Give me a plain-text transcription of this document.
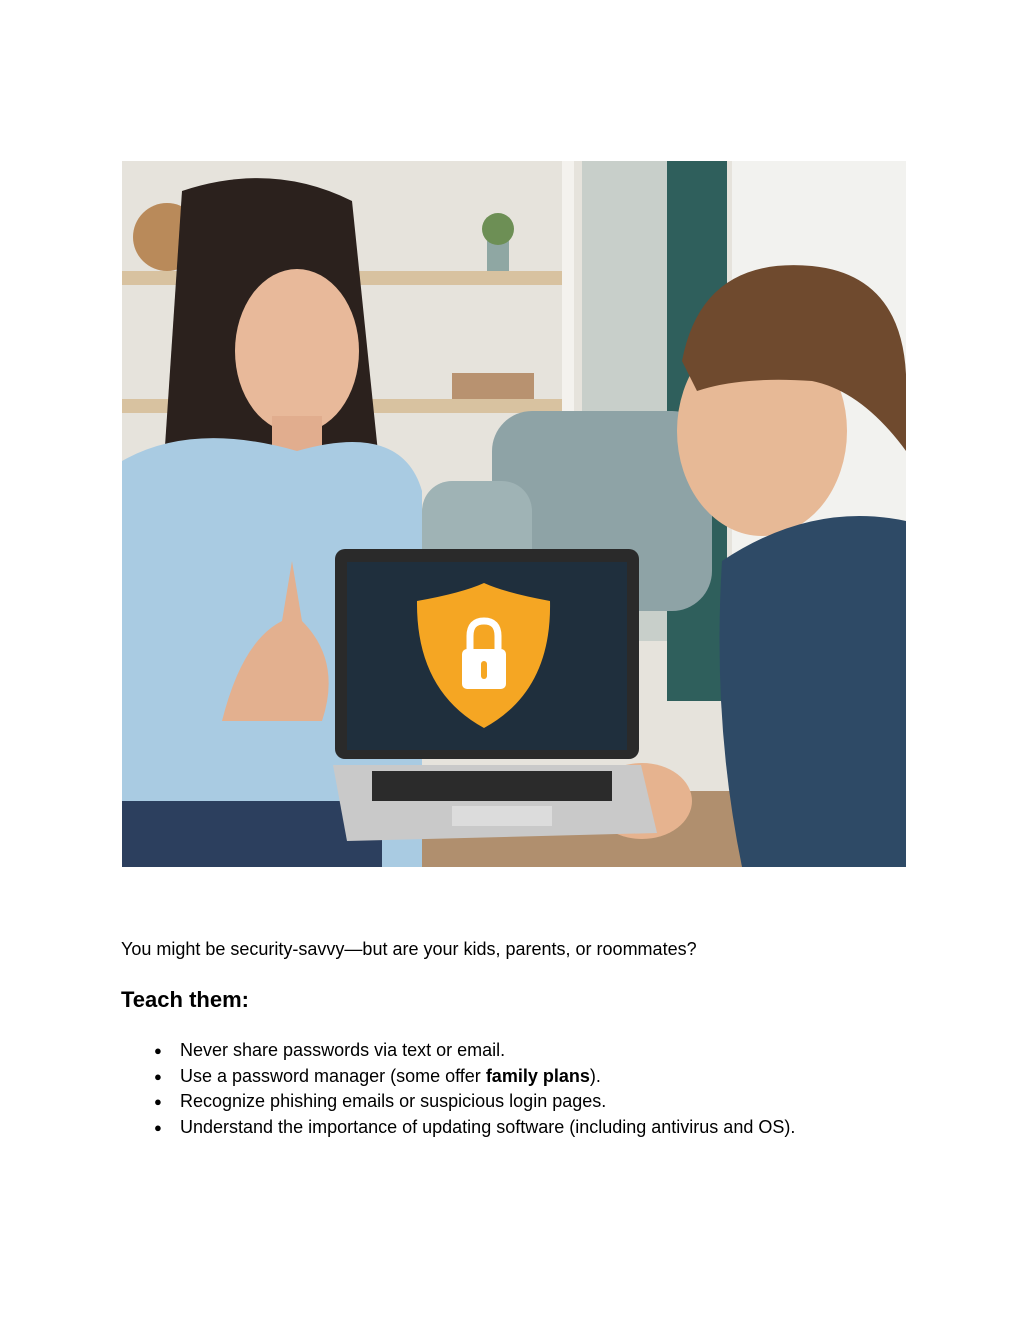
You might be security-savvy—but are your kids, parents, or roommates?
Teach them:
● Never share passwords via text or email.
● Use a password manager (some offer family plans).
● Recognize phishing emails or suspicious login pages.
● Understand the importance of updating software (including antivirus and OS).
